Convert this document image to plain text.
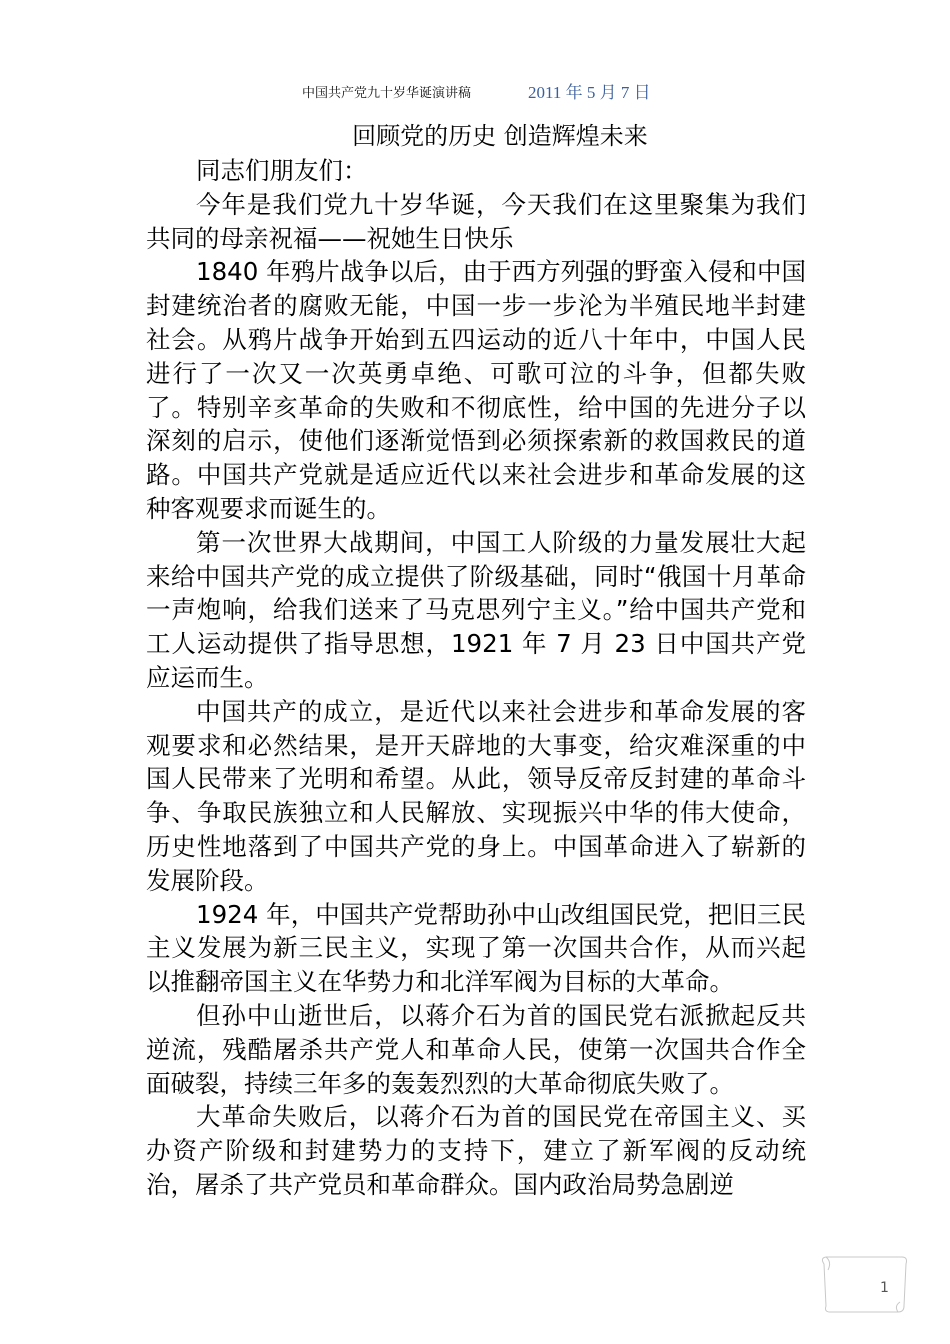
中国共产党九十岁华诞演讲稿	2011 年 5 月 7 日
回顾党的历史 创造辉煌未来

同志们朋友们：

今年是我们党九十岁华诞，今天我们在这里聚集为我们共同的母亲祝福——祝她生日快乐

1840 年鸦片战争以后，由于西方列强的野蛮入侵和中国封建统治者的腐败无能，中国一步一步沦为半殖民地半封建社会。从鸦片战争开始到五四运动的近八十年中，中国人民进行了一次又一次英勇卓绝、可歌可泣的斗争，但都失败了。特别辛亥革命的失败和不彻底性，给中国的先进分子以深刻的启示，使他们逐渐觉悟到必须探索新的救国救民的道路。中国共产党就是适应近代以来社会进步和革命发展的这种客观要求而诞生的。

第一次世界大战期间，中国工人阶级的力量发展壮大起来给中国共产党的成立提供了阶级基础，同时“俄国十月革命一声炮响，给我们送来了马克思列宁主义。”给中国共产党和工人运动提供了指导思想，1921 年 7 月 23 日中国共产党应运而生。

中国共产的成立，是近代以来社会进步和革命发展的客观要求和必然结果，是开天辟地的大事变，给灾难深重的中国人民带来了光明和希望。从此，领导反帝反封建的革命斗争、争取民族独立和人民解放、实现振兴中华的伟大使命，历史性地落到了中国共产党的身上。中国革命进入了崭新的发展阶段。

1924 年，中国共产党帮助孙中山改组国民党，把旧三民主义发展为新三民主义，实现了第一次国共合作，从而兴起以推翻帝国主义在华势力和北洋军阀为目标的大革命。

但孙中山逝世后，以蒋介石为首的国民党右派掀起反共逆流，残酷屠杀共产党人和革命人民，使第一次国共合作全面破裂，持续三年多的轰轰烈烈的大革命彻底失败了。

大革命失败后，以蒋介石为首的国民党在帝国主义、买办资产阶级和封建势力的支持下，建立了新军阀的反动统治，屠杀了共产党员和革命群众。国内政治局势急剧逆

1
